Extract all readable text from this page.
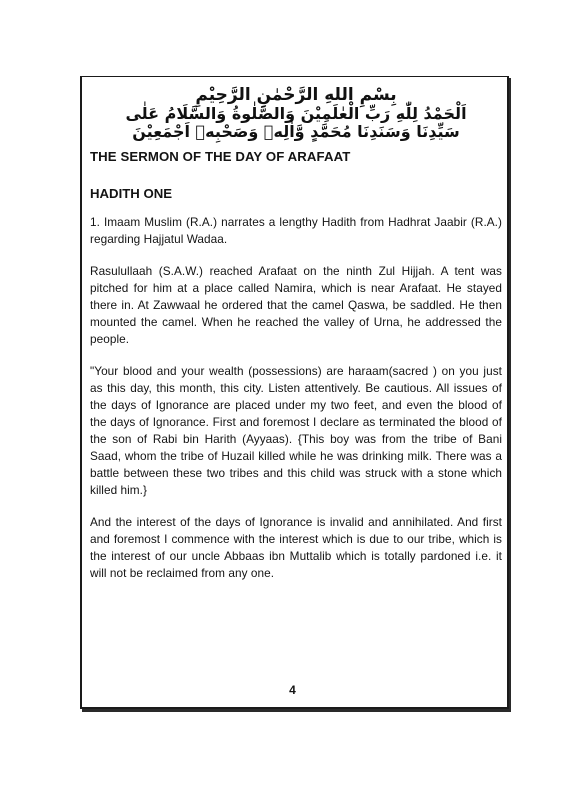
بِسْمِ اللهِ الرَّحْمٰنِ الرَّحِيْمِ
اَلْحَمْدُ لِلّٰهِ رَبِّ الْعٰلَمِيْنَ وَالصَّلٰوةُ وَالسَّلَامُ عَلٰى
سَيِّدِنَا وَسَنَدِنَا مُحَمَّدٍ وَّاٰلِهٖ وَصَحْبِهٖ اَجْمَعِيْنَ
THE SERMON OF THE DAY OF ARAFAAT
HADITH ONE

1. Imaam Muslim (R.A.) narrates a lengthy Hadith from Hadhrat Jaabir (R.A.) regarding Hajjatul Wadaa.

Rasulullaah (S.A.W.) reached Arafaat on the ninth Zul Hijjah. A tent was pitched for him at a place called Namira, which is near Arafaat. He stayed there in. At Zawwaal he ordered that the camel Qaswa, be saddled. He then mounted the camel. When he reached the valley of Urna, he addressed the people.

"Your blood and your wealth (possessions) are haraam(sacred ) on you just as this day, this month, this city. Listen attentively. Be cautious. All issues of the days of Ignorance are placed under my two feet, and even the blood of the days of Ignorance. First and foremost I declare as terminated the blood of the son of Rabi bin Harith (Ayyaas). {This boy was from the tribe of Bani Saad, whom the tribe of Huzail killed while he was drinking milk. There was a battle between these two tribes and this child was struck with a stone which killed him.}

And the interest of the days of Ignorance is invalid and annihilated. And first and foremost I commence with the interest which is due to our tribe, which is the interest of our uncle Abbaas ibn Muttalib which is totally pardoned i.e. it will not be reclaimed from any one.

4
